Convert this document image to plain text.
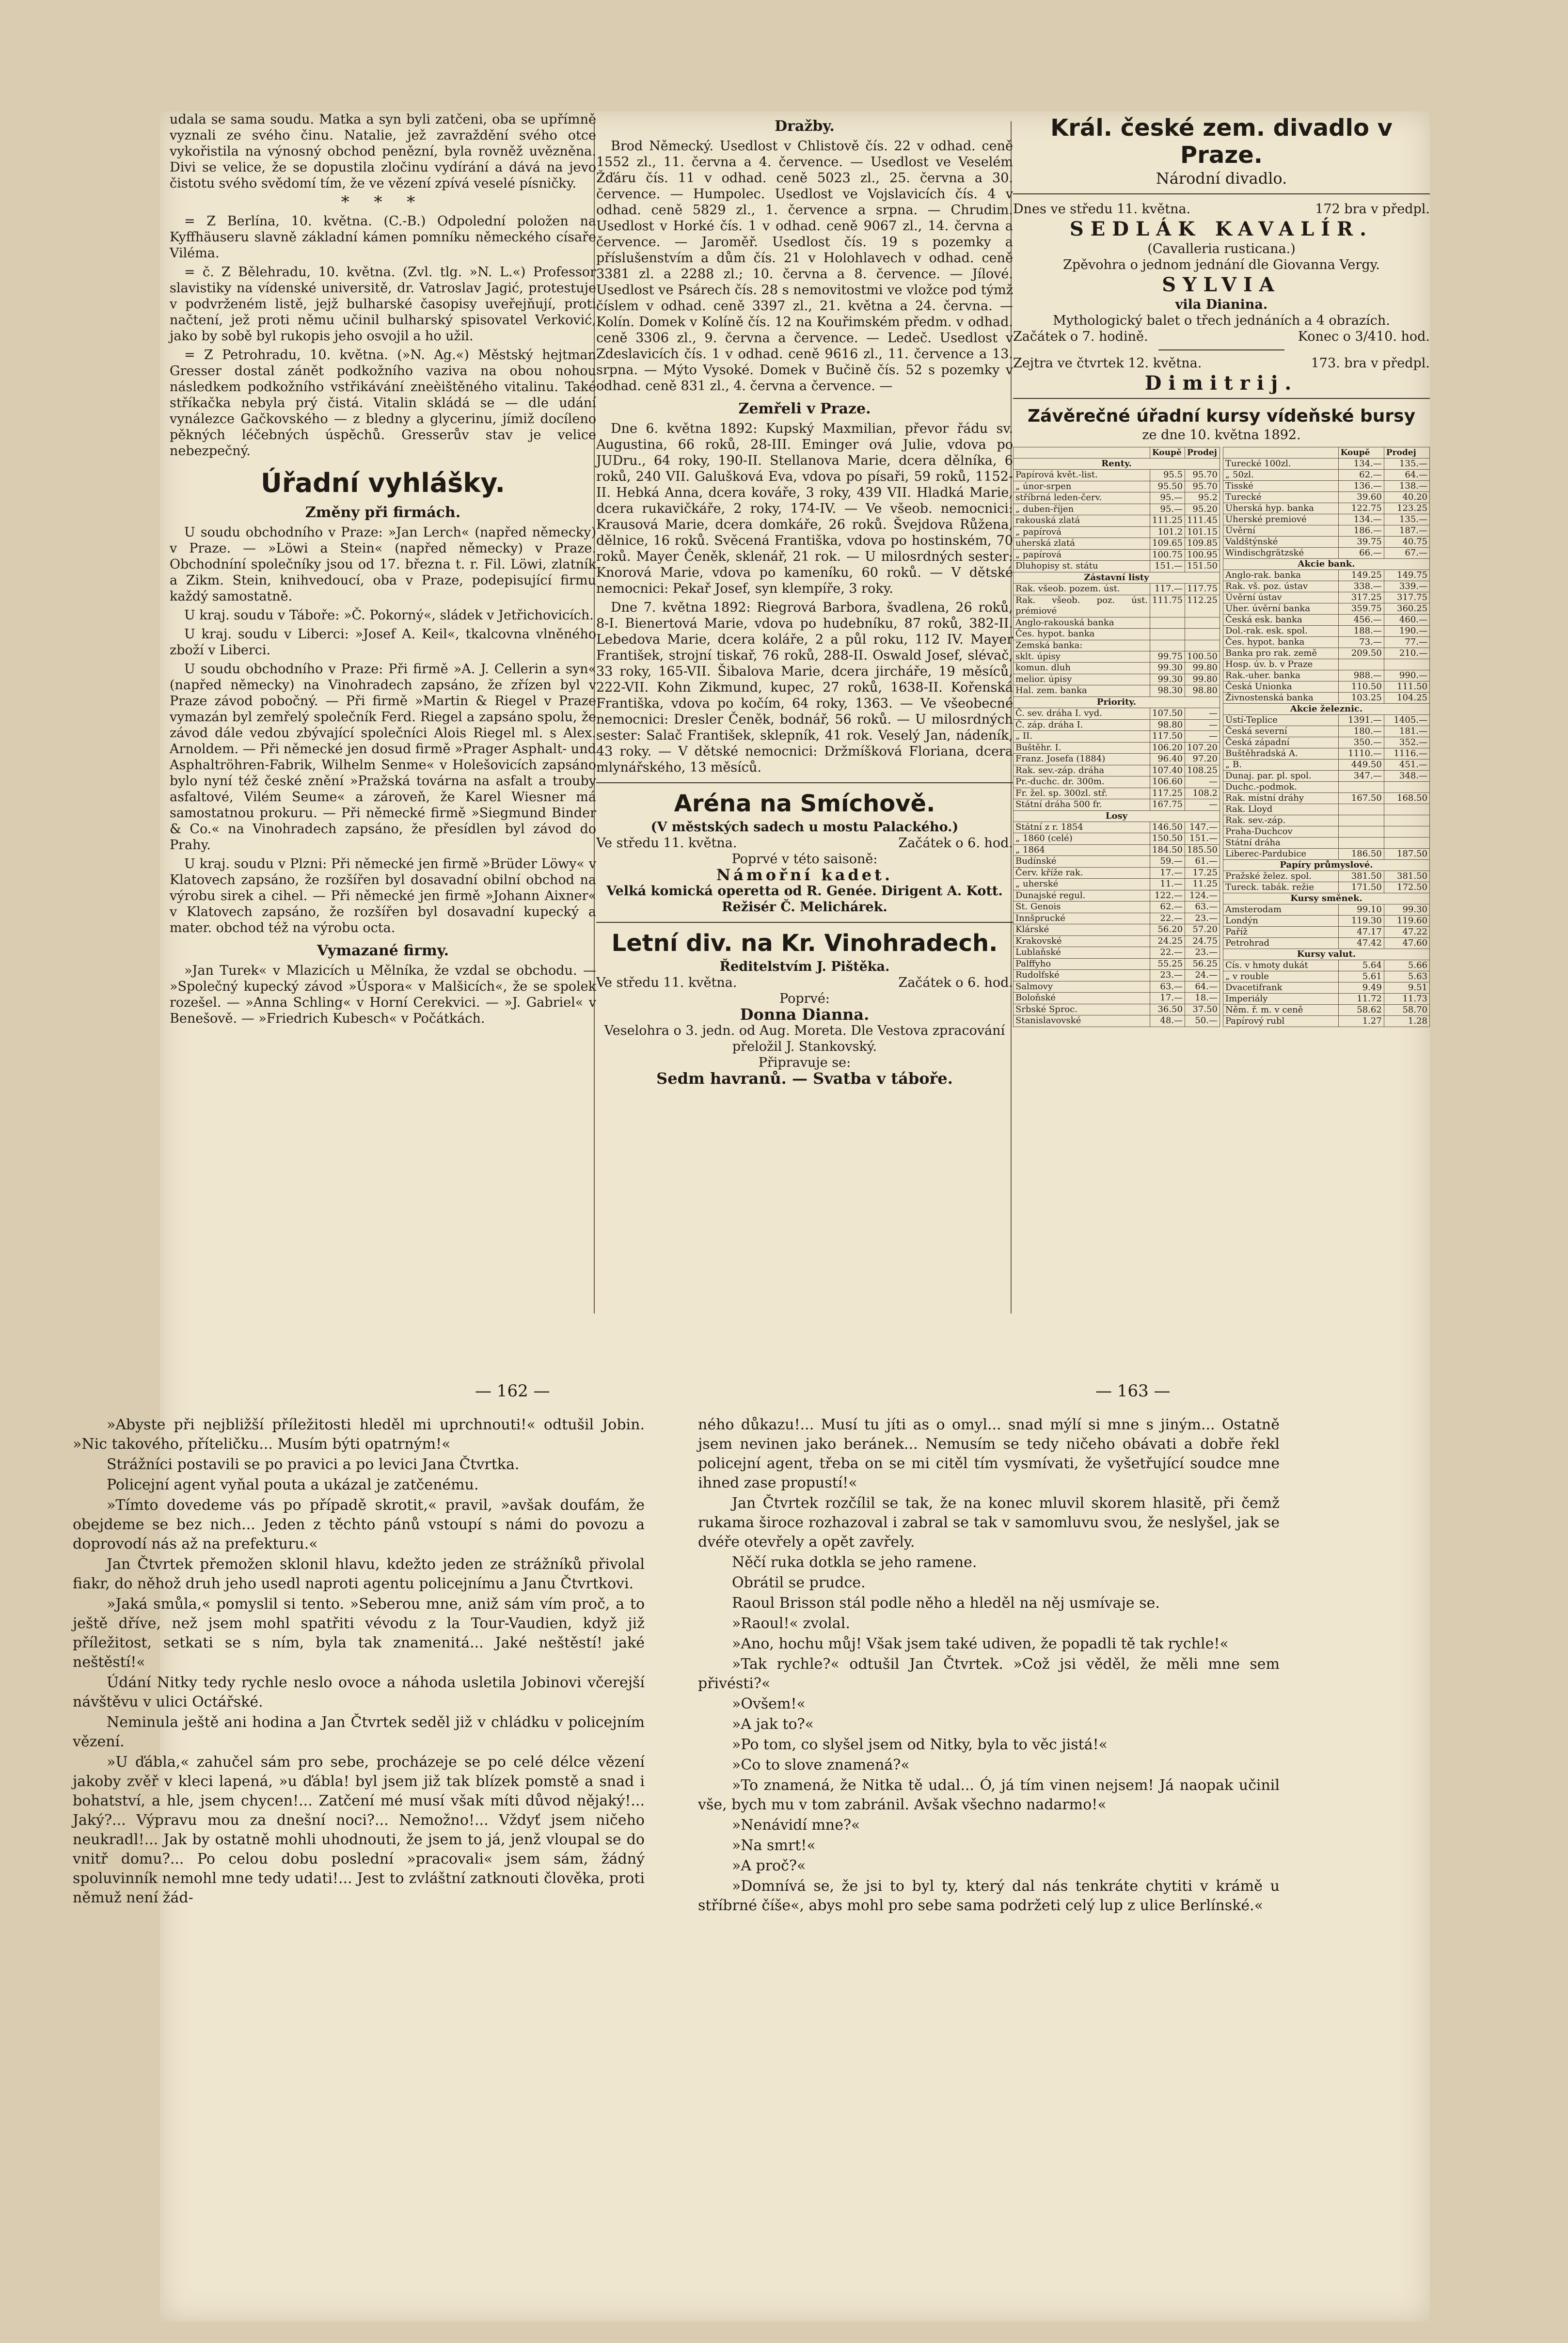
udala se sama soudu. Matka a syn byli zatčeni, oba se upřímně vyznali ze svého činu. Natalie, jež zavraždění svého otce vykořistila na výnosný obchod penězní, byla rovněž uvězněna. Divi se velice, že se dopustila zločinu vydírání a dává na jevo čistotu svého svědomí tím, že ve vězení zpívá veselé písničky.

* * *

= Z Berlína, 10. května. (C.-B.) Odpolední položen na Kyffhäuseru slavně základní kámen pomníku německého císaře Viléma.

= č. Z Bělehradu, 10. května. (Zvl. tlg. »N. L.«) Professor slavistiky na vídenské universitě, dr. Vatroslav Jagić, protestuje v podvrženém listě, jejž bulharské časopisy uveřejňují, proti načtení, jež proti němu učinil bulharský spisovatel Verković, jako by sobě byl rukopis jeho osvojil a ho užil.

= Z Petrohradu, 10. května. (»N. Ag.«) Městský hejtman Gresser dostal zánět podkožního vaziva na obou nohou následkem podkožního vstřikávání zneèištěného vitalinu. Také stříkačka nebyla prý čistá. Vitalin skládá se — dle udání vynálezce Gačkovského — z bledny a glycerinu, jímiž docíleno pěkných léčebných úspěchů. Gresserův stav je velice nebezpečný.

Úřadní vyhlášky.
Změny při firmách.

U soudu obchodního v Praze: »Jan Lerch« (napřed německy) v Praze. — »Löwi a Stein« (napřed německy) v Praze. Obchodníní společníky jsou od 17. března t. r. Fil. Löwi, zlatník a Zikm. Stein, knihvedoucí, oba v Praze, podepisující firmu každý samostatně.

U kraj. soudu v Táboře: »Č. Pokorný«, sládek v Jetřichovicích.

U kraj. soudu v Liberci: »Josef A. Keil«, tkalcovna vlněného zboží v Liberci.

U soudu obchodního v Praze: Při firmě »A. J. Cellerin a syn« (napřed německy) na Vinohradech zapsáno, že zřízen byl v Praze závod pobočný. — Při firmě »Martin & Riegel v Praze vymazán byl zemřelý společník Ferd. Riegel a zapsáno spolu, že závod dále vedou zbývající společníci Alois Riegel ml. s Alex. Arnoldem. — Při německé jen dosud firmě »Prager Asphalt- und Asphaltröhren-Fabrik, Wilhelm Senme« v Holešovicích zapsáno bylo nyní též české znění »Pražská továrna na asfalt a trouby asfaltové, Vilém Seume« a zároveň, že Karel Wiesner má samostatnou prokuru. — Při německé firmě »Siegmund Binder & Co.« na Vinohradech zapsáno, že přesídlen byl závod do Prahy.

U kraj. soudu v Plzni: Při německé jen firmě »Brüder Löwy« v Klatovech zapsáno, že rozšířen byl dosavadní obilní obchod na výrobu sirek a cihel. — Při německé jen firmě »Johann Aixner« v Klatovech zapsáno, že rozšířen byl dosavadní kupecký a mater. obchod též na výrobu octa.

Vymazané firmy.

»Jan Turek« v Mlazicích u Mělníka, že vzdal se obchodu. — »Společný kupecký závod »Úspora« v Malšicích«, že se spolek rozešel. — »Anna Schling« v Horní Cerekvici. — »J. Gabriel« v Benešově. — »Friedrich Kubesch« v Počátkách.

Dražby.

Brod Německý. Usedlost v Chlistově čís. 22 v odhad. ceně 1552 zl., 11. června a 4. července. — Usedlost ve Veselém Žďáru čís. 11 v odhad. ceně 5023 zl., 25. června a 30. července. — Humpolec. Usedlost ve Vojslavicích čís. 4 v odhad. ceně 5829 zl., 1. července a srpna. — Chrudim. Usedlost v Horké čís. 1 v odhad. ceně 9067 zl., 14. června a července. — Jaroměř. Usedlost čís. 19 s pozemky a příslušenstvím a dům čís. 21 v Holohlavech v odhad. ceně 3381 zl. a 2288 zl.; 10. června a 8. července. — Jílové. Usedlost ve Psárech čís. 28 s nemovitostmi ve vložce pod týmž číslem v odhad. ceně 3397 zl., 21. května a 24. června. — Kolín. Domek v Kolíně čís. 12 na Kouřimském předm. v odhad. ceně 3306 zl., 9. června a července. — Ledeč. Usedlost v Zdeslavicích čís. 1 v odhad. ceně 9616 zl., 11. července a 13. srpna. — Mýto Vysoké. Domek v Bučině čís. 52 s pozemky v odhad. ceně 831 zl., 4. června a července. —

Zemřeli v Praze.

Dne 6. května 1892: Kupský Maxmilian, převor řádu sv. Augustina, 66 roků, 28-III. Eminger ová Julie, vdova po JUDru., 64 roky, 190-II. Stellanova Marie, dcera dělníka, 6 roků, 240 VII. Galušková Eva, vdova po písaři, 59 roků, 1152-II. Hebká Anna, dcera kováře, 3 roky, 439 VII. Hladká Marie, dcera rukavičkáře, 2 roky, 174-IV. — Ve všeob. nemocnici: Krausová Marie, dcera domkáře, 26 roků. Švejdova Růžena, dělnice, 16 roků. Svěcená Františka, vdova po hostinském, 70 roků. Mayer Čeněk, sklenář, 21 rok. — U milosrdných sester: Knorová Marie, vdova po kameníku, 60 roků. — V dětské nemocnici: Pekař Josef, syn klempíře, 3 roky.

Dne 7. května 1892: Riegrová Barbora, švadlena, 26 roků, 8-I. Bienertová Marie, vdova po hudebníku, 87 roků, 382-II. Lebedova Marie, dcera koláře, 2 a půl roku, 112 IV. Mayer František, strojní tiskař, 76 roků, 288-II. Oswald Josef, slévač, 33 roky, 165-VII. Šibalova Marie, dcera jircháře, 19 měsíců, 222-VII. Kohn Zikmund, kupec, 27 roků, 1638-II. Kořenská Františka, vdova po kočím, 64 roky, 1363. — Ve všeobecné nemocnici: Dresler Čeněk, bodnář, 56 roků. — U milosrdných sester: Salač František, sklepník, 41 rok. Veselý Jan, nádeník, 43 roky. — V dětské nemocnici: Držmíšková Floriana, dcera mlynářského, 13 měsíců.

Aréna na Smíchově.
(V městských sadech u mostu Palackého.)
Ve středu 11. května.	Začátek o 6. hod.
Poprvé v této saisoně:
Námořní kadet.
Velká komická operetta od R. Genée. Dirigent A. Kott. Režisér Č. Melichárek.
Letní div. na Kr. Vinohradech.
Ředitelstvím J. Pištěka.
Ve středu 11. května.	Začátek o 6. hod.
Poprvé:
Donna Dianna.
Veselohra o 3. jedn. od Aug. Moreta. Dle Vestova zpracování přeložil J. Stankovský.
Připravuje se:
Sedm havranů. — Svatba v táboře.
Král. české zem. divadlo v Praze.
Národní divadlo.
Dnes ve středu 11. května.	172 bra v předpl.
SEDLÁK KAVALÍR.
(Cavalleria rusticana.)
Zpěvohra o jednom jednání dle Giovanna Vergy.
SYLVIA
vila Dianina.
Mythologický balet o třech jednáních a 4 obrazích.
Začátek o 7. hodině.	Konec o 3/410. hod.
Zejtra ve čtvrtek 12. května.	173. bra v předpl.
Dimitrij.
Závěrečné úřadní kursy vídeňské bursy
ze dne 10. května 1892.
	Koupě	Prodej
Renty.		
Papírová květ.-list.	95.5	95.70
„ únor-srpen	95.50	95.70
stříbrná leden-červ.	95.—	95.2
„ duben-říjen	95.—	95.20
rakouská zlatá	111.25	111.45
„ papírová	101.2	101.15
uherská zlatá	109.65	109.85
„ papírová	100.75	100.95
Dluhopisy st. státu	151.—	151.50
Zástavní listy		
Rak. všeob. pozem. úst.	117.—	117.75
Rak. všeob. poz. úst. prémiové	111.75	112.25
Anglo-rakouská banka		
Čes. hypot. banka		
Zemská banka:		
sklt. úpisy	99.75	100.50
komun. dluh	99.30	99.80
melior. úpisy	99.30	99.80
Hal. zem. banka	98.30	98.80
Priority.		
Č. sev. dráha I. vyd.	107.50	—
Č. záp. dráha I.	98.80	—
„ II.	117.50	—
Buštěhr. I.	106.20	107.20
Franz. Josefa (1884)	96.40	97.20
Rak. sev.-záp. dráha	107.40	108.25
Pr.-duchc. dr. 300m.	106.60	—
Fr. žel. sp. 300zl. stř.	117.25	108.2
Státní dráha 500 fr.	167.75	—
Losy		
Státní z r. 1854	146.50	147.—
„ 1860 (celé)	150.50	151.—
„ 1864	184.50	185.50
Budínské	59.—	61.—
Červ. kříže rak.	17.—	17.25
„ uherské	11.—	11.25
Dunajské regul.	122.—	124.—
St. Genois	62.—	63.—
Innšprucké	22.—	23.—
Klárské	56.20	57.20
Krakovské	24.25	24.75
Lublaňské	22.—	23.—
Palffyho	55.25	56.25
Rudolfské	23.—	24.—
Salmovy	63.—	64.—
Boloňské	17.—	18.—
Srbské Sproc.	36.50	37.50
Stanislavovské	48.—	50.—
	Koupě	Prodej
Turecké 100zl.	134.—	135.—
„ 50zl.	62.—	64.—
Tisské	136.—	138.—
Turecké	39.60	40.20
Uherská hyp. banka	122.75	123.25
Uherské premiové	134.—	135.—
Úvěrní	186.—	187.—
Valdštýnské	39.75	40.75
Windischgrätzské	66.—	67.—
Akcie bank.		
Anglo-rak. banka	149.25	149.75
Rak. vš. poz. ústav	338.—	339.—
Úvěrní ústav	317.25	317.75
Uher. úvěrní banka	359.75	360.25
Česká esk. banka	456.—	460.—
Dol.-rak. esk. spol.	188.—	190.—
Čes. hypot. banka	73.—	77.—
Banka pro rak. země	209.50	210.—
Hosp. úv. b. v Praze		
Rak.-uher. banka	988.—	990.—
Česká Unionka	110.50	111.50
Živnostenská banka	103.25	104.25
Akcie železnic.		
Ústí-Teplice	1391.—	1405.—
Česká severní	180.—	181.—
Česká západní	350.—	352.—
Buštěhradská A.	1110.—	1116.—
„ B.	449.50	451.—
Dunaj. par. pl. spol.	347.—	348.—
Duchc.-podmok.		
Rak. místní dráhy	167.50	168.50
Rak. Lloyd		
Rak. sev.-záp.		
Praha-Duchcov		
Státní dráha		
Liberec-Pardubice	186.50	187.50
Papíry průmyslové.		
Pražské želez. spol.	381.50	381.50
Tureck. tabák. režie	171.50	172.50
Kursy směnek.		
Amsterodam	99.10	99.30
Londýn	119.30	119.60
Paříž	47.17	47.22
Petrohrad	47.42	47.60
Kursy valut.		
Cís. v hmoty dukát	5.64	5.66
„ v rouble	5.61	5.63
Dvacetifrank	9.49	9.51
Imperiály	11.72	11.73
Něm. ř. m. v ceně	58.62	58.70
Papírový rubl	1.27	1.28
— 162 —	— 163 —

»Abyste při nejbližší příležitosti hleděl mi uprchnouti!« odtušil Jobin. »Nic takového, příteličku... Musím býti opatrným!«

Strážníci postavili se po pravici a po levici Jana Čtvrtka.

Policejní agent vyňal pouta a ukázal je zatčenému.

»Tímto dovedeme vás po případě skrotit,« pravil, »avšak doufám, že obejdeme se bez nich... Jeden z těchto pánů vstoupí s námi do povozu a doprovodí nás až na prefekturu.«

Jan Čtvrtek přemožen sklonil hlavu, kdežto jeden ze strážníků přivolal fiakr, do něhož druh jeho usedl naproti agentu policejnímu a Janu Čtvrtkovi.

»Jaká smůla,« pomyslil si tento. »Seberou mne, aniž sám vím proč, a to ještě dříve, než jsem mohl spatřiti vévodu z la Tour-Vaudien, když již příležitost, setkati se s ním, byla tak znamenitá... Jaké neštěstí! jaké neštěstí!«

Údání Nitky tedy rychle neslo ovoce a náhoda usletila Jobinovi včerejší návštěvu v ulici Octářské.

Neminula ještě ani hodina a Jan Čtvrtek seděl již v chládku v policejním vězení.

»U ďábla,« zahučel sám pro sebe, procházeje se po celé délce vězení jakoby zvěř v kleci lapená, »u ďábla! byl jsem již tak blízek pomstě a snad i bohatství, a hle, jsem chycen!... Zatčení mé musí však míti důvod nějaký!... Jaký?... Výpravu mou za dnešní noci?... Nemožno!... Vždyť jsem ničeho neukradl!... Jak by ostatně mohli uhodnouti, že jsem to já, jenž vloupal se do vnitř domu?... Po celou dobu poslední »pracovali« jsem sám, žádný spoluvinník nemohl mne tedy udati!... Jest to zvláštní zatknouti člověka, proti němuž není žád-

ného důkazu!... Musí tu jíti as o omyl... snad mýlí si mne s jiným... Ostatně jsem nevinen jako beránek... Nemusím se tedy ničeho obávati a dobře řekl policejní agent, třeba on se mi citěl tím vysmívati, že vyšetřující soudce mne ihned zase propustí!«

Jan Čtvrtek rozčílil se tak, že na konec mluvil skorem hlasitě, při čemž rukama široce rozhazoval i zabral se tak v samomluvu svou, že neslyšel, jak se dvéře otevřely a opět zavřely.

Něčí ruka dotkla se jeho ramene.

Obrátil se prudce.

Raoul Brisson stál podle něho a hleděl na něj usmívaje se.

»Raoul!« zvolal.

»Ano, hochu můj! Však jsem také udiven, že popadli tě tak rychle!«

»Tak rychle?« odtušil Jan Čtvrtek. »Což jsi věděl, že měli mne sem přivésti?«

»Ovšem!«

»A jak to?«

»Po tom, co slyšel jsem od Nitky, byla to věc jistá!«

»Co to slove znamená?«

»To znamená, že Nitka tě udal... Ó, já tím vinen nejsem! Já naopak učinil vše, bych mu v tom zabránil. Avšak všechno nadarmo!«

»Nenávidí mne?«

»Na smrt!«

»A proč?«

»Domnívá se, že jsi to byl ty, který dal nás tenkráte chytiti v krámě u stříbrné číše«, abys mohl pro sebe sama podržeti celý lup z ulice Berlínské.«
